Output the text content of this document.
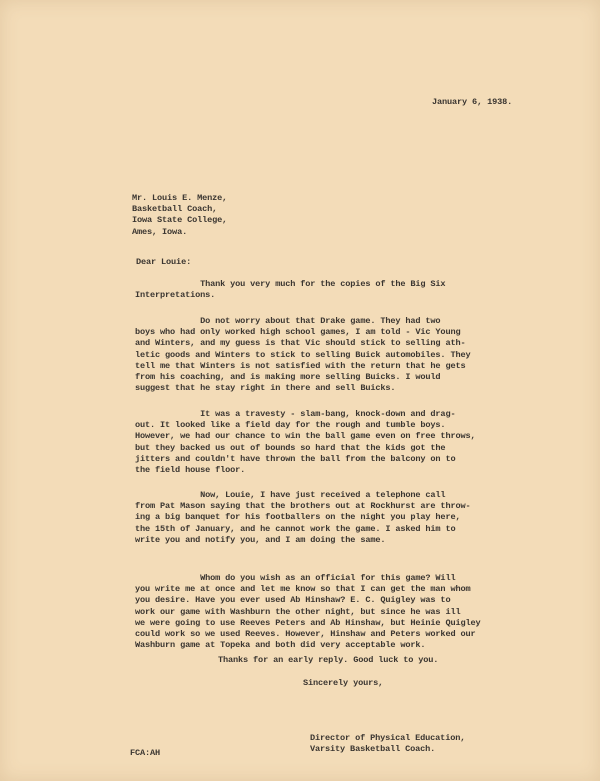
January 6, 1938.
Mr. Louis E. Menze,
Basketball Coach,
Iowa State College,
Ames, Iowa.
Dear Louie:
Thank you very much for the copies of the Big Six
Interpretations.
Do not worry about that Drake game. They had two
boys who had only worked high school games, I am told - Vic Young
and Winters, and my guess is that Vic should stick to selling ath-
letic goods and Winters to stick to selling Buick automobiles. They
tell me that Winters is not satisfied with the return that he gets
from his coaching, and is making more selling Buicks. I would
suggest that he stay right in there and sell Buicks.
It was a travesty - slam-bang, knock-down and drag-
out. It looked like a field day for the rough and tumble boys.
However, we had our chance to win the ball game even on free throws,
but they backed us out of bounds so hard that the kids got the
jitters and couldn't have thrown the ball from the balcony on to
the field house floor.
Now, Louie, I have just received a telephone call
from Pat Mason saying that the brothers out at Rockhurst are throw-
ing a big banquet for his footballers on the night you play here,
the 15th of January, and he cannot work the game. I asked him to
write you and notify you, and I am doing the same.
Whom do you wish as an official for this game? Will
you write me at once and let me know so that I can get the man whom
you desire. Have you ever used Ab Hinshaw? E. C. Quigley was to
work our game with Washburn the other night, but since he was ill
we were going to use Reeves Peters and Ab Hinshaw, but Heinie Quigley
could work so we used Reeves. However, Hinshaw and Peters worked our
Washburn game at Topeka and both did very acceptable work.
Thanks for an early reply. Good luck to you.
Sincerely yours,
Director of Physical Education,
Varsity Basketball Coach.
FCA:AH
